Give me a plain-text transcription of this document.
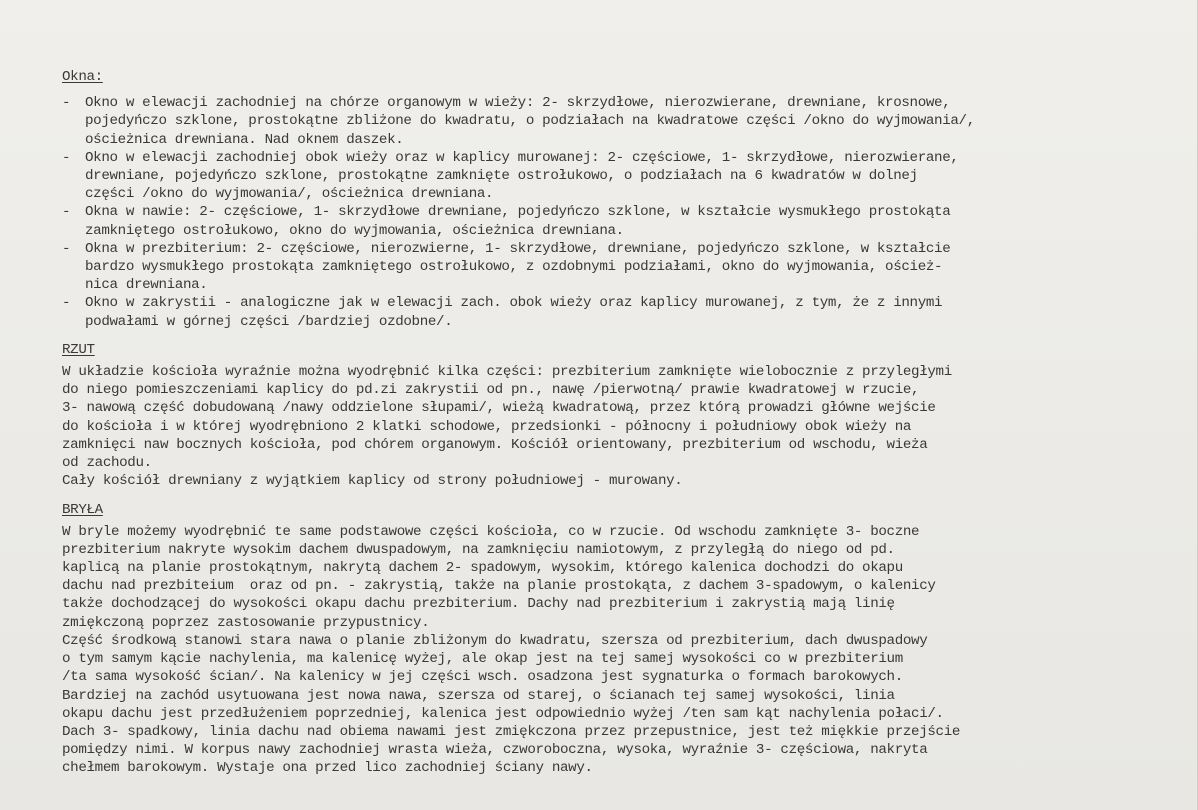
Okna:
- Okno w elewacji zachodniej na chórze organowym w wieży: 2- skrzydłowe, nierozwierane, drewniane, krosnowe,
pojedyńczo szklone, prostokątne zbliżone do kwadratu, o podziałach na kwadratowe części /okno do wyjmowania/,
ościeżnica drewniana. Nad oknem daszek.
- Okno w elewacji zachodniej obok wieży oraz w kaplicy murowanej: 2- częściowe, 1- skrzydłowe, nierozwierane,
drewniane, pojedyńczo szklone, prostokątne zamknięte ostrołukowo, o podziałach na 6 kwadratów w dolnej
części /okno do wyjmowania/, ościeżnica drewniana.
- Okna w nawie: 2- częściowe, 1- skrzydłowe drewniane, pojedyńczo szklone, w kształcie wysmukłego prostokąta
zamkniętego ostrołukowo, okno do wyjmowania, ościeżnica drewniana.
- Okna w prezbiterium: 2- częściowe, nierozwierne, 1- skrzydłowe, drewniane, pojedyńczo szklone, w kształcie
bardzo wysmukłego prostokąta zamkniętego ostrołukowo, z ozdobnymi podziałami, okno do wyjmowania, oścież-
nica drewniana.
- Okno w zakrystii - analogiczne jak w elewacji zach. obok wieży oraz kaplicy murowanej, z tym, że z innymi
podwałami w górnej części /bardziej ozdobne/.
RZUT
W układzie kościoła wyraźnie można wyodrębnić kilka części: prezbiterium zamknięte wielobocznie z przyległymi
do niego pomieszczeniami kaplicy do pd.zi zakrystii od pn., nawę /pierwotną/ prawie kwadratowej w rzucie,
3- nawową część dobudowaną /nawy oddzielone słupami/, wieżą kwadratową, przez którą prowadzi główne wejście
do kościoła i w której wyodrębniono 2 klatki schodowe, przedsionki - północny i południowy obok wieży na
zamknięci naw bocznych kościoła, pod chórem organowym. Kościół orientowany, prezbiterium od wschodu, wieża
od zachodu.
Cały kościół drewniany z wyjątkiem kaplicy od strony południowej - murowany.
BRYŁA
W bryle możemy wyodrębnić te same podstawowe części kościoła, co w rzucie. Od wschodu zamknięte 3- boczne
prezbiterium nakryte wysokim dachem dwuspadowym, na zamknięciu namiotowym, z przyległą do niego od pd.
kaplicą na planie prostokątnym, nakrytą dachem 2- spadowym, wysokim, którego kalenica dochodzi do okapu
dachu nad prezbiteium  oraz od pn. - zakrystią, także na planie prostokąta, z dachem 3-spadowym, o kalenicy
także dochodzącej do wysokości okapu dachu prezbiterium. Dachy nad prezbiterium i zakrystią mają linię
zmiękczoną poprzez zastosowanie przypustnicy.
Część środkową stanowi stara nawa o planie zbliżonym do kwadratu, szersza od prezbiterium, dach dwuspadowy
o tym samym kącie nachylenia, ma kalenicę wyżej, ale okap jest na tej samej wysokości co w prezbiterium
/ta sama wysokość ścian/. Na kalenicy w jej części wsch. osadzona jest sygnaturka o formach barokowych.
Bardziej na zachód usytuowana jest nowa nawa, szersza od starej, o ścianach tej samej wysokości, linia
okapu dachu jest przedłużeniem poprzedniej, kalenica jest odpowiednio wyżej /ten sam kąt nachylenia połaci/.
Dach 3- spadkowy, linia dachu nad obiema nawami jest zmiękczona przez przepustnice, jest też miękkie przejście
pomiędzy nimi. W korpus nawy zachodniej wrasta wieża, czworoboczna, wysoka, wyraźnie 3- częściowa, nakryta
chełmem barokowym. Wystaje ona przed lico zachodniej ściany nawy.
